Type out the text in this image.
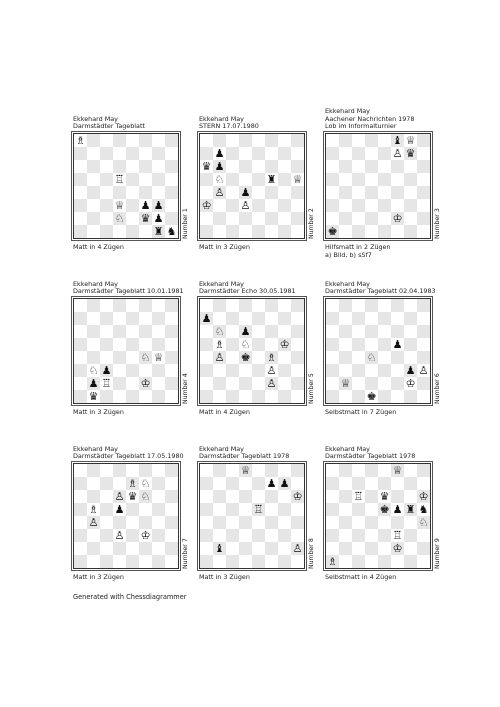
Ekkehard May
Darmstädter Tageblatt
♗
♖
♕ ♟ ♟
♘ ♛ ♟
♜ ♞ Number 1
Matt in 4 Zügen
Ekkehard May
STERN 17.07.1980
♟
♛ ♟
♘	♜ ♕
♙ ♟
♔	♙
Number 2
Matt in 3 Zügen
Ekkehard May
Aachener Nachrichten 1978
Lob im Informalturnier
♝ ♕
♙ ♛
♔
♚	Number 3
Hilfsmatt in 2 Zügen
a) Bild, b) sSf7
Ekkehard May
Darmstädter Tageblatt 10.01.1981
♘ ♕
♘ ♟
♟ ♖	♔
♛	Number 4
Matt in 3 Zügen
Ekkehard May
Darmstädter Echo 30.05.1981
♟
♘ ♟
♗ ♘	♔
♙ ♚ ♗
♙
♙	Number 5
Matt in 4 Zügen
Ekkehard May
Darmstädter Tageblatt 02.04.1983
♟
♘
♟ ♙
♕	♔
♚	Number 6
Selbstmatt in 7 Zügen
Ekkehard May
Darmstädter Tageblatt 17.05.1980
♗ ♘
♙ ♛ ♘
♗ ♟
♙
♙ ♔
Number 7
Matt in 3 Zügen
Ekkehard May
Darmstädter Tageblatt 1978
♕
♟ ♟
♔
♖
♝	♙ Number 8
Matt in 3 Zügen
Ekkehard May
Darmstädter Tageblatt 1978
♕
♖ ♛	♔
♚ ♟ ♜ ♞
♘
♖
♔
♗	Number 9
Selbstmatt in 4 Zügen
Generated with Chessdiagrammer
